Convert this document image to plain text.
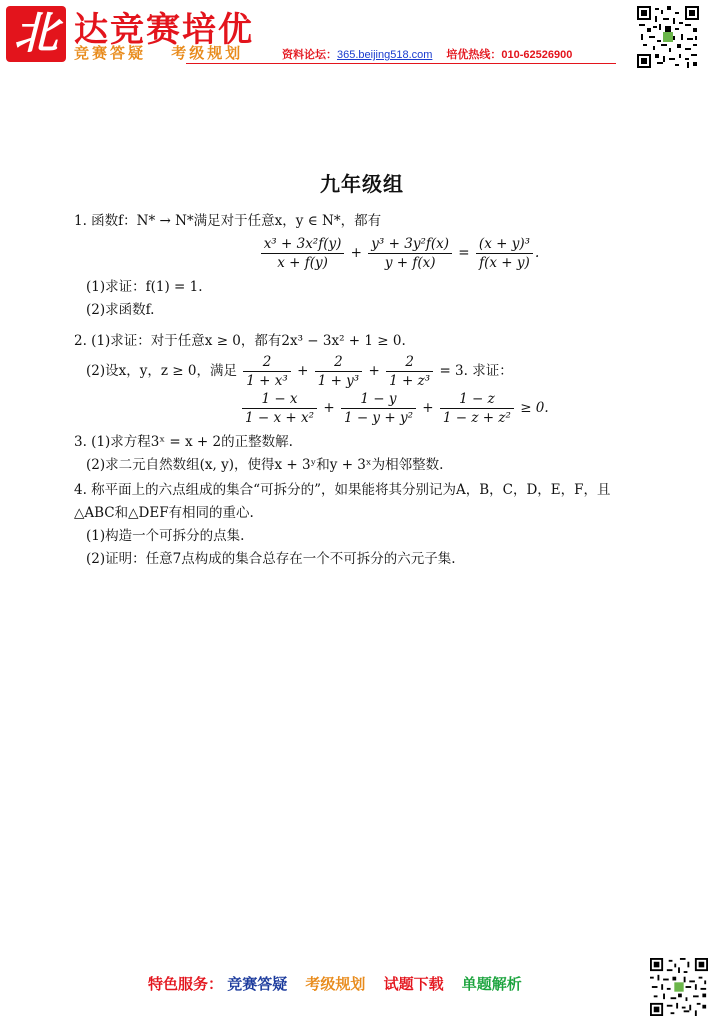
北 达竞赛培优
竞赛答疑 考级规划	资料论坛：365.beijing518.com 培优热线：010-62526900
九年级组
1. 函数f：N* → N*满足对于任意x，y ∈ N*，都有
$\frac{\text{x³ + 3x²f(y)}}{x + f(y)} + \frac{\text{y³ + 3y²f(x)}}{y + f(x)} = \frac{\text{(x + y)³}}{f(x + y)}$ .
(1)求证：f(1) = 1.
(2)求函数f.
2. (1)求证：对于任意x ≥ 0，都有2x³ − 3x² + 1 ≥ 0.
(2)设x，y，z ≥ 0，满足 $\frac{2}{\text{1 + x³}} + \frac{2}{\text{1 + y³}} + \frac{2}{\text{1 + z³}} = 3$. 求证：
$\frac{1 - x}{\text{1 − x + x²}} + \frac{1 - y}{\text{1 − y + y²}} + \frac{1 - z}{\text{1 − z + z²}} \ge 0$.
3. (1)求方程3ˣ = x + 2的正整数解.
(2)求二元自然数组(x, y)，使得x + 3ʸ和y + 3ˣ为相邻整数.
4. 称平面上的六点组成的集合“可拆分的”，如果能将其分别记为A，B，C，D，E，F，且
△ABC和△DEF有相同的重心.
(1)构造一个可拆分的点集.
(2)证明：任意7点构成的集合总存在一个不可拆分的六元子集.
特色服务： 竞赛答疑 考级规划 试题下载 单题解析
